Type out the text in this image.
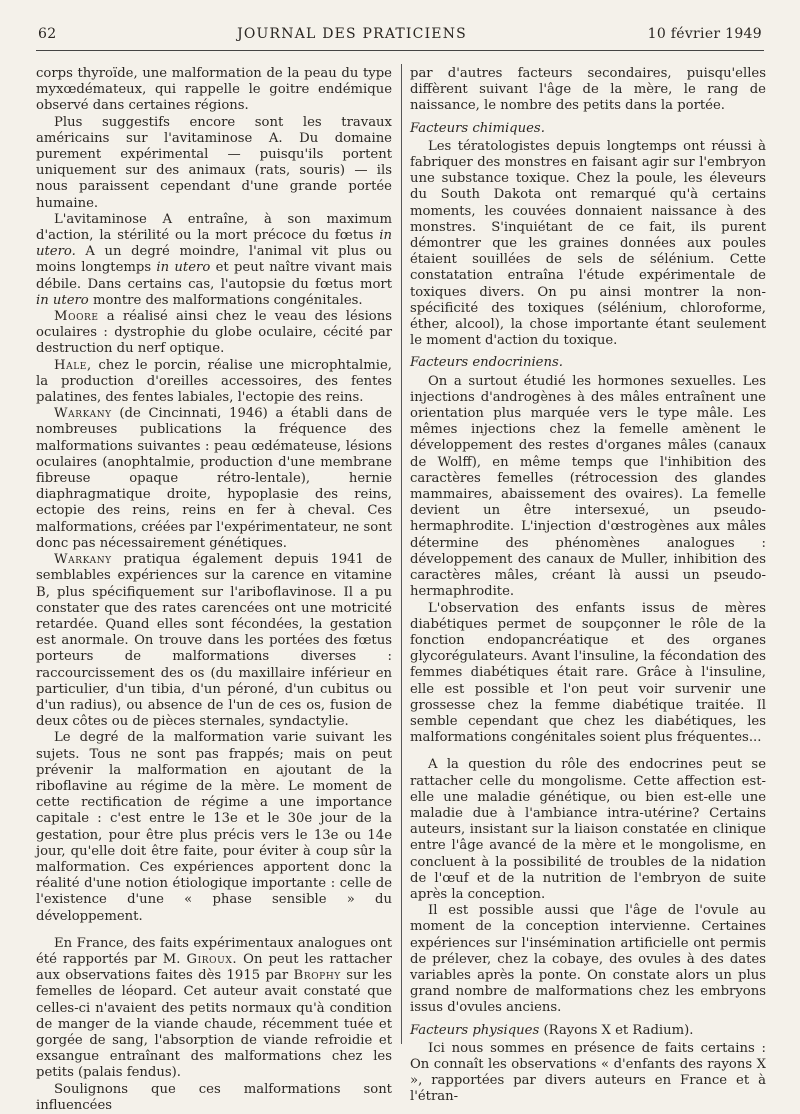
62	JOURNAL DES PRATICIENS	10 février 1949

corps thyroïde, une malformation de la peau du type myxœdémateux, qui rappelle le goitre endémique observé dans certaines régions.

Plus suggestifs encore sont les travaux américains sur l'avitaminose A. Du domaine purement expérimental — puisqu'ils portent uniquement sur des animaux (rats, souris) — ils nous paraissent cependant d'une grande portée humaine.

L'avitaminose A entraîne, à son maximum d'action, la stérilité ou la mort précoce du fœtus in utero. A un degré moindre, l'animal vit plus ou moins longtemps in utero et peut naître vivant mais débile. Dans certains cas, l'autopsie du fœtus mort in utero montre des malformations congénitales.

Moore a réalisé ainsi chez le veau des lésions oculaires : dystrophie du globe oculaire, cécité par destruction du nerf optique.

Hale, chez le porcin, réalise une microphtalmie, la production d'oreilles accessoires, des fentes palatines, des fentes labiales, l'ectopie des reins.

Warkany (de Cincinnati, 1946) a établi dans de nombreuses publications la fréquence des malformations suivantes : peau œdémateuse, lésions oculaires (anophtalmie, production d'une membrane fibreuse opaque rétro-lentale), hernie diaphragmatique droite, hypoplasie des reins, ectopie des reins, reins en fer à cheval. Ces malformations, créées par l'expérimentateur, ne sont donc pas nécessairement génétiques.

Warkany pratiqua également depuis 1941 de semblables expériences sur la carence en vitamine B, plus spécifiquement sur l'ariboflavinose. Il a pu constater que des rates carencées ont une motricité retardée. Quand elles sont fécondées, la gestation est anormale. On trouve dans les portées des fœtus porteurs de malformations diverses : raccourcissement des os (du maxillaire inférieur en particulier, d'un tibia, d'un péroné, d'un cubitus ou d'un radius), ou absence de l'un de ces os, fusion de deux côtes ou de pièces sternales, syndactylie.

Le degré de la malformation varie suivant les sujets. Tous ne sont pas frappés; mais on peut prévenir la malformation en ajoutant de la riboflavine au régime de la mère. Le moment de cette rectification de régime a une importance capitale : c'est entre le 13e et le 30e jour de la gestation, pour être plus précis vers le 13e ou 14e jour, qu'elle doit être faite, pour éviter à coup sûr la malformation. Ces expériences apportent donc la réalité d'une notion étiologique importante : celle de l'existence d'une « phase sensible » du développement.

En France, des faits expérimentaux analogues ont été rapportés par M. Giroux. On peut les rattacher aux observations faites dès 1915 par Brophy sur les femelles de léopard. Cet auteur avait constaté que celles-ci n'avaient des petits normaux qu'à condition de manger de la viande chaude, récemment tuée et gorgée de sang, l'absorption de viande refroidie et exsangue entraînant des malformations chez les petits (palais fendus).

Soulignons que ces malformations sont influencées

par d'autres facteurs secondaires, puisqu'elles diffèrent suivant l'âge de la mère, le rang de naissance, le nombre des petits dans la portée.

Facteurs chimiques.

Les tératologistes depuis longtemps ont réussi à fabriquer des monstres en faisant agir sur l'embryon une substance toxique. Chez la poule, les éleveurs du South Dakota ont remarqué qu'à certains moments, les couvées donnaient naissance à des monstres. S'inquiétant de ce fait, ils purent démontrer que les graines données aux poules étaient souillées de sels de sélénium. Cette constatation entraîna l'étude expérimentale de toxiques divers. On pu ainsi montrer la non-spécificité des toxiques (sélénium, chloroforme, éther, alcool), la chose importante étant seulement le moment d'action du toxique.

Facteurs endocriniens.

On a surtout étudié les hormones sexuelles. Les injections d'androgènes à des mâles entraînent une orientation plus marquée vers le type mâle. Les mêmes injections chez la femelle amènent le développement des restes d'organes mâles (canaux de Wolff), en même temps que l'inhibition des caractères femelles (rétrocession des glandes mammaires, abaissement des ovaires). La femelle devient un être intersexué, un pseudo-hermaphrodite. L'injection d'œstrogènes aux mâles détermine des phénomènes analogues : développement des canaux de Muller, inhibition des caractères mâles, créant là aussi un pseudo-hermaphrodite.

L'observation des enfants issus de mères diabétiques permet de soupçonner le rôle de la fonction endopancréatique et des organes glycorégulateurs. Avant l'insuline, la fécondation des femmes diabétiques était rare. Grâce à l'insuline, elle est possible et l'on peut voir survenir une grossesse chez la femme diabétique traitée. Il semble cependant que chez les diabétiques, les malformations congénitales soient plus fréquentes...

A la question du rôle des endocrines peut se rattacher celle du mongolisme. Cette affection est-elle une maladie génétique, ou bien est-elle une maladie due à l'ambiance intra-utérine? Certains auteurs, insistant sur la liaison constatée en clinique entre l'âge avancé de la mère et le mongolisme, en concluent à la possibilité de troubles de la nidation de l'œuf et de la nutrition de l'embryon de suite après la conception.

Il est possible aussi que l'âge de l'ovule au moment de la conception intervienne. Certaines expériences sur l'insémination artificielle ont permis de prélever, chez la cobaye, des ovules à des dates variables après la ponte. On constate alors un plus grand nombre de malformations chez les embryons issus d'ovules anciens.

Facteurs physiques (Rayons X et Radium).

Ici nous sommes en présence de faits certains : On connaît les observations « d'enfants des rayons X », rapportées par divers auteurs en France et à l'étran-
